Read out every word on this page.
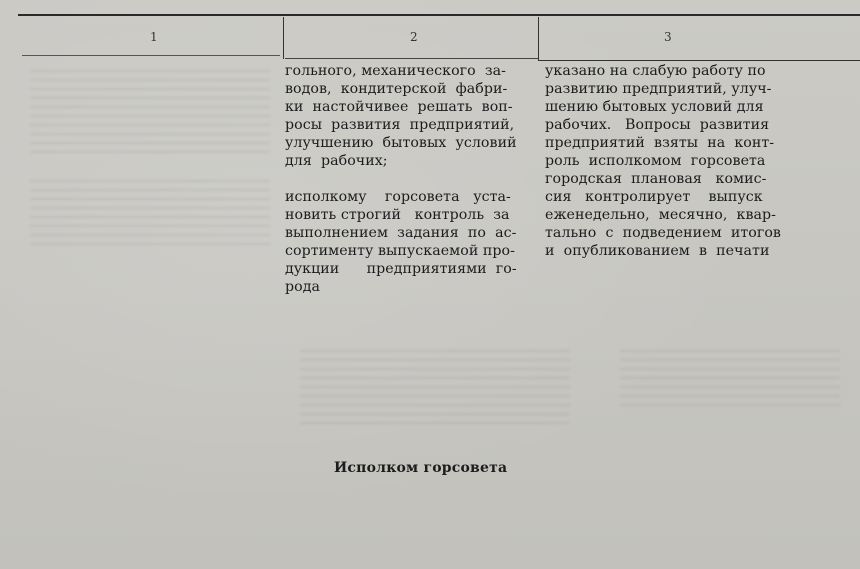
1	2	3
гольного, механического  за-
водов,  кондитерской  фабри-
ки  настойчивее  решать  воп-
росы  развития  предприятий,
улучшению  бытовых  условий
для  рабочих;

исполкому    горсовета   уста-
новить строгий   контроль  за
выполнением  задания  по  ас-
сортименту выпускаемой про-
дукции      предприятиями  го-
рода
указано на слабую работу по
развитию предприятий, улуч-
шению бытовых условий для
рабочих.   Вопросы  развития
предприятий  взяты  на  конт-
роль  исполкомом  горсовета
городская  плановая   комис-
сия   контролирует    выпуск
еженедельно,  месячно,  квар-
тально  с  подведением  итогов
и  опубликованием  в  печати
Исполком горсовета
